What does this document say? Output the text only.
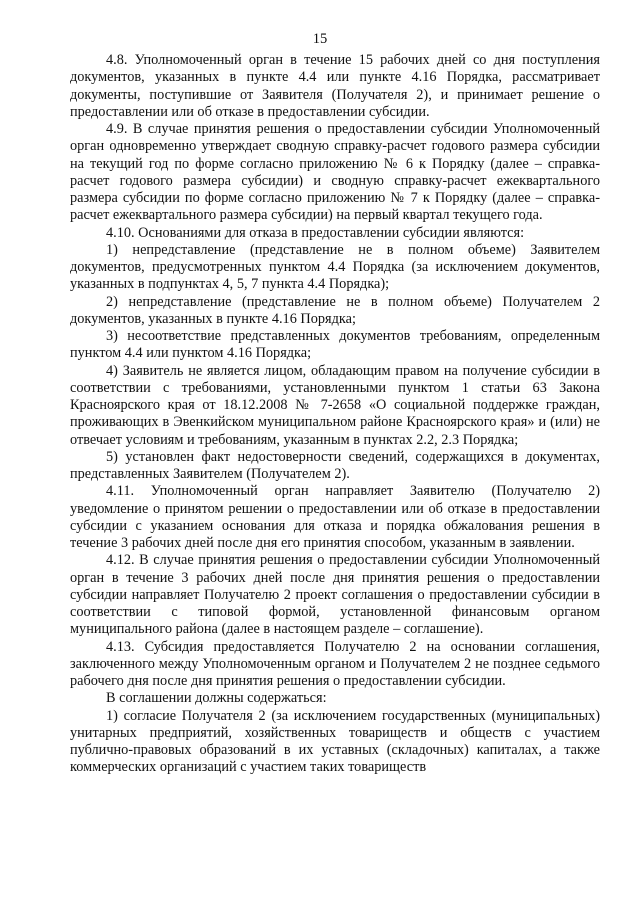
15

4.8. Уполномоченный орган в течение 15 рабочих дней со дня поступления документов, указанных в пункте 4.4 или пункте 4.16 Порядка, рассматривает документы, поступившие от Заявителя (Получателя 2), и принимает решение о предоставлении или об отказе в предоставлении субсидии.

4.9. В случае принятия решения о предоставлении субсидии Уполномоченный орган одновременно утверждает сводную справку-расчет годового размера субсидии на текущий год по форме согласно приложению № 6 к Порядку (далее – справка-расчет годового размера субсидии) и сводную справку-расчет ежеквартального размера субсидии по форме согласно приложению № 7 к Порядку (далее – справка-расчет ежеквартального размера субсидии) на первый квартал текущего года.

4.10. Основаниями для отказа в предоставлении субсидии являются:

1) непредставление (представление не в полном объеме) Заявителем документов, предусмотренных пунктом 4.4 Порядка (за исключением документов, указанных в подпунктах 4, 5, 7 пункта 4.4 Порядка);

2) непредставление (представление не в полном объеме) Получателем 2 документов, указанных в пункте 4.16 Порядка;

3) несоответствие представленных документов требованиям, определенным пунктом 4.4 или пунктом 4.16 Порядка;

4) Заявитель не является лицом, обладающим правом на получение субсидии в соответствии с требованиями, установленными пунктом 1 статьи 63 Закона Красноярского края от 18.12.2008 № 7-2658 «О социальной поддержке граждан, проживающих в Эвенкийском муниципальном районе Красноярского края» и (или) не отвечает условиям и требованиям, указанным в пунктах 2.2, 2.3 Порядка;

5) установлен факт недостоверности сведений, содержащихся в документах, представленных Заявителем (Получателем 2).

4.11. Уполномоченный орган направляет Заявителю (Получателю 2) уведомление о принятом решении о предоставлении или об отказе в предоставлении субсидии с указанием основания для отказа и порядка обжалования решения в течение 3 рабочих дней после дня его принятия способом, указанным в заявлении.

4.12. В случае принятия решения о предоставлении субсидии Уполномоченный орган в течение 3 рабочих дней после дня принятия решения о предоставлении субсидии направляет Получателю 2 проект соглашения о предоставлении субсидии в соответствии с типовой формой, установленной финансовым органом муниципального района (далее в настоящем разделе – соглашение).

4.13. Субсидия предоставляется Получателю 2 на основании соглашения, заключенного между Уполномоченным органом и Получателем 2 не позднее седьмого рабочего дня после дня принятия решения о предоставлении субсидии.

В соглашении должны содержаться:

1) согласие Получателя 2 (за исключением государственных (муниципальных) унитарных предприятий, хозяйственных товариществ и обществ с участием публично-правовых образований в их уставных (складочных) капиталах, а также коммерческих организаций с участием таких товариществ
